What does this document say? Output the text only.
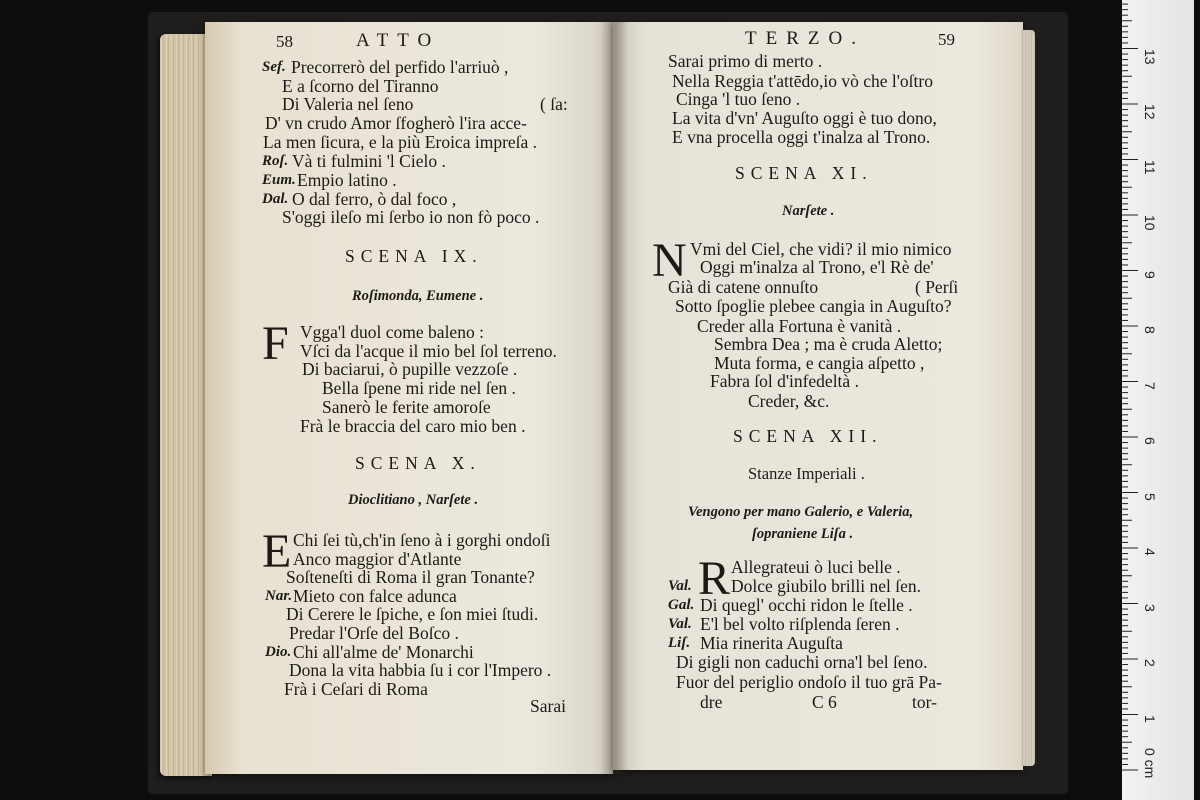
58	ATTO
Sef. Precorrerò del perfido l'arriuò ,
E a ſcorno del Tiranno
Di Valeria nel ſeno	( ſa:
D' vn crudo Amor ſfogherò l'ira acce-
La men ſicura, e la più Eroica impreſa .
Roſ. Và ti fulmini 'l Cielo .
Eum. Empio latino .
Dal. O dal ferro, ò dal foco ,
S'oggi ileſo mi ſerbo io non fò poco .
SCENA IX.
Roſimonda, Eumene .
F Vgga'l duol come baleno :
Vſci da l'acque il mio bel ſol terreno.
Di baciarui, ò pupille vezzoſe .
Bella ſpene mi ride nel ſen .
Sanerò le ferite amoroſe
Frà le braccia del caro mio ben .
SCENA X.
Dioclitiano , Narſete .
E Chi ſei tù,ch'in ſeno à i gorghi ondoſi
Anco maggior d'Atlante
Soſteneſti di Roma il gran Tonante?
Nar. Mieto con falce adunca
Di Cerere le ſpiche, e ſon miei ſtudi.
Predar l'Orſe del Boſco .
Dio. Chi all'alme de' Monarchi
Dona la vita habbia ſu i cor l'Impero .
Frà i Ceſari di Roma
Sarai
TERZO.	59
Sarai primo di merto .
Nella Reggia t'attēdo,io vò che l'oſtro
Cinga 'l tuo ſeno .
La vita d'vn' Auguſto oggi è tuo dono,
E vna procella oggi t'inalza al Trono.
SCENA XI.
Narſete .
N Vmi del Ciel, che vidi? il mio nimico
Oggi m'inalza al Trono, e'l Rè de'
Già di catene onnuſto	( Perſi
Sotto ſpoglie plebee cangia in Auguſto?
Creder alla Fortuna è vanità .
Sembra Dea ; ma è cruda Aletto;
Muta forma, e cangia aſpetto ,
Fabra ſol d'infedeltà .
Creder, &c.
SCENA XII.
Stanze Imperiali .
Vengono per mano Galerio, e Valeria,
ſopraniene Liſa .
R Allegrateui ò luci belle .
Val. Dolce giubilo brilli nel ſen.
Gal. Di quegl' occhi ridon le ſtelle .
Val. E'l bel volto riſplenda ſeren .
Liſ. Mia rinerita Auguſta
Di gigli non caduchi orna'l bel ſeno.
Fuor del periglio ondoſo il tuo grā Pa-
dre	C 6	tor-
0 cm
1
2
3
4
5
6
7
8
9
10
11
12
13
